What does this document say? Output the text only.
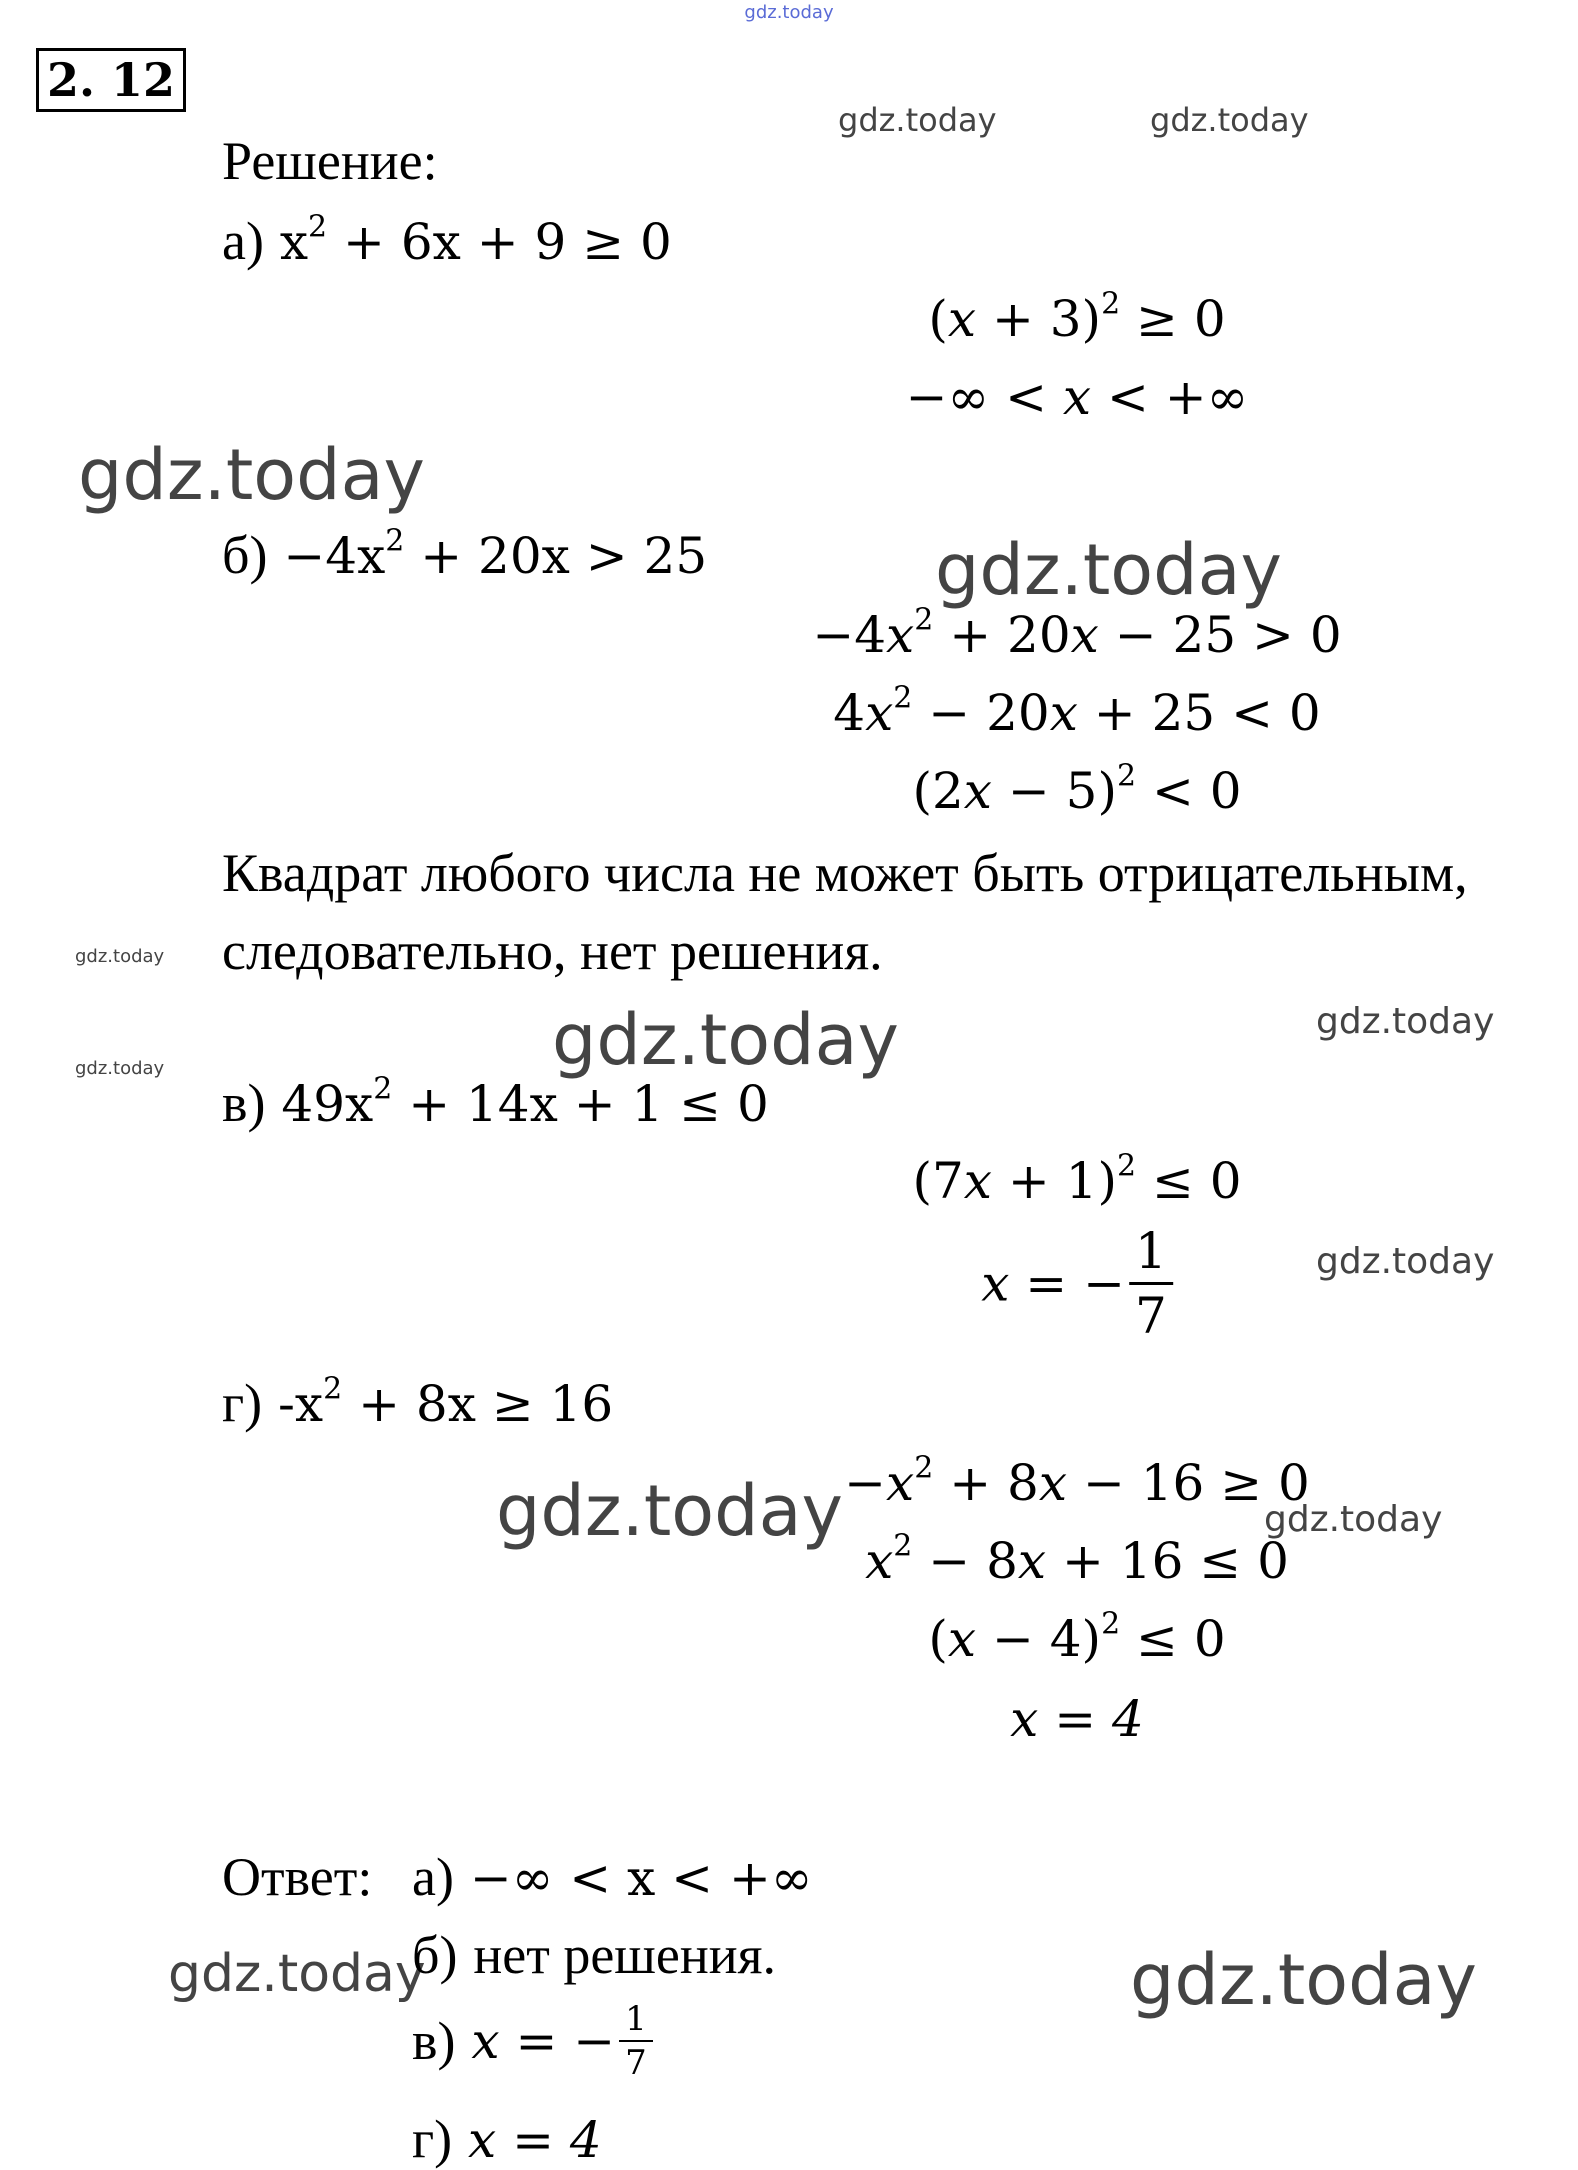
gdz.today
2. 12
gdz.today	gdz.today
gdz.today
gdz.today
gdz.today
gdz.today	gdz.today
gdz.today
gdz.today
gdz.today	gdz.today
gdz.today	gdz.today
Решение:
а) $x^2 + 6x + 9 \ge 0$
$(x + 3)^2 \ge 0$
−∞ < x < +∞
$б) -4x^2 + 20x > 25$
$-4x^2 + 20x - 25 > 0$
$4x^2 - 20x + 25 < 0$
$(2x - 5)^2 < 0$
Квадрат любого числа не может быть отрицательным,
следовательно, нет решения.
в) $49x^2 + 14x + 1 \le 0$
$(7x + 1)^2 \le 0$
x = − $\frac{1}{7}$
г) $-x^2 + 8x \ge 16$
$-x^2 + 8x - 16 \ge 0$
$x^2 - 8x + 16 \le 0$
$(x - 4)^2 \le 0$
x = 4
Ответ: а) −∞ < x < +∞
б) нет решения.
в) x = − $\frac{1}{7}$
г) x = 4
